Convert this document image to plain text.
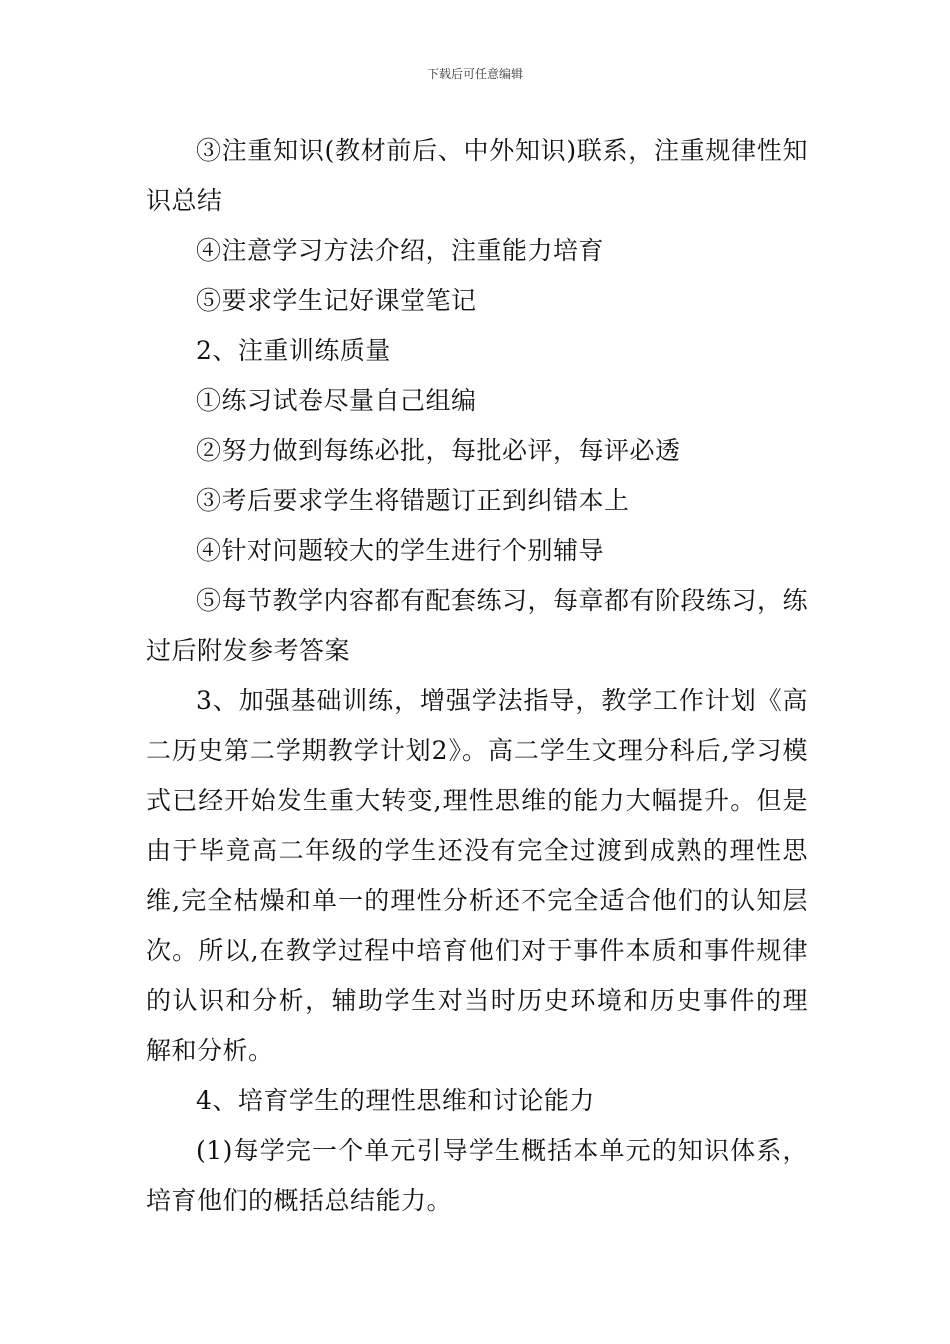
下载后可任意编辑

③注重知识(教材前后、中外知识)联系，注重规律性知识总结

④注意学习方法介绍，注重能力培育

⑤要求学生记好课堂笔记

2、注重训练质量

①练习试卷尽量自己组编

②努力做到每练必批，每批必评，每评必透

③考后要求学生将错题订正到纠错本上

④针对问题较大的学生进行个别辅导

⑤每节教学内容都有配套练习，每章都有阶段练习，练过后附发参考答案

3、加强基础训练，增强学法指导，教学工作计划《高二历史第二学期教学计划2》。高二学生文理分科后,学习模式已经开始发生重大转变,理性思维的能力大幅提升。但是由于毕竟高二年级的学生还没有完全过渡到成熟的理性思维,完全枯燥和单一的理性分析还不完全适合他们的认知层次。所以,在教学过程中培育他们对于事件本质和事件规律的认识和分析，辅助学生对当时历史环境和历史事件的理解和分析。

4、培育学生的理性思维和讨论能力

(1)每学完一个单元引导学生概括本单元的知识体系，培育他们的概括总结能力。
